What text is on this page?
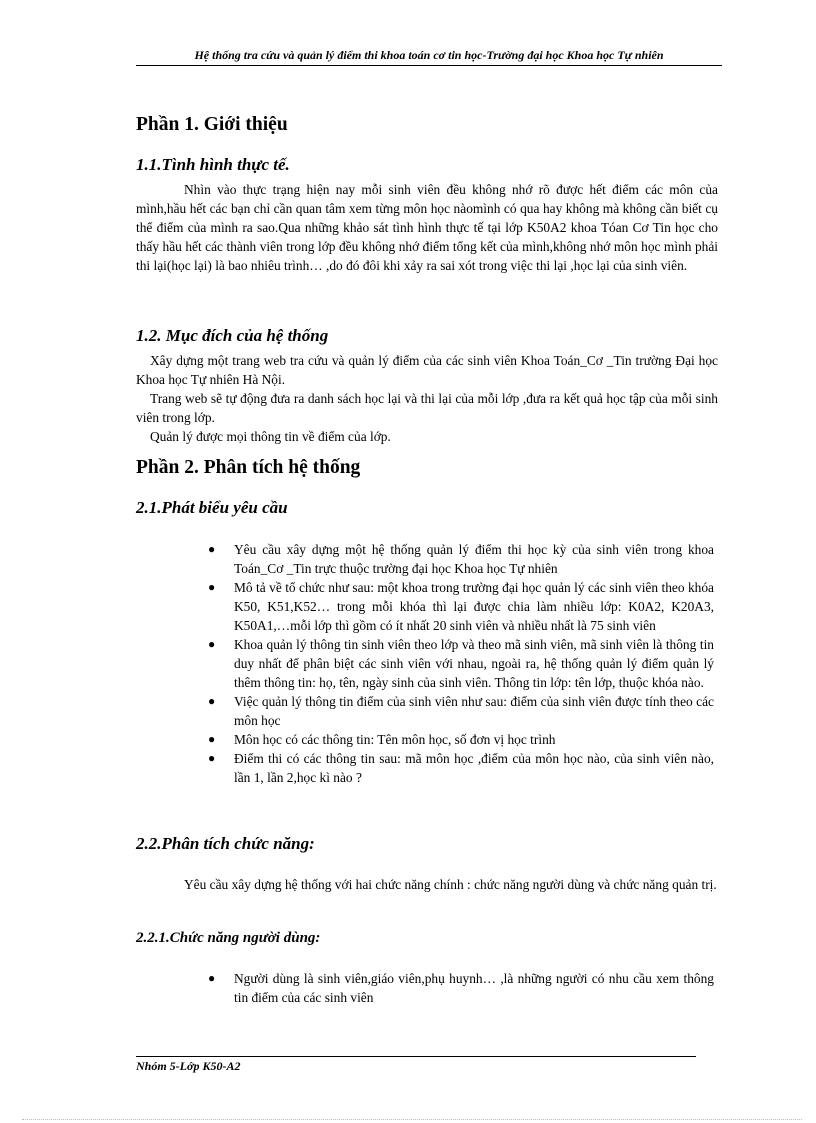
Hệ thống tra cứu và quản lý điểm thi khoa toán cơ tin học-Trường đại học Khoa học Tự nhiên
Phần 1. Giới thiệu
1.1.Tình hình thực tế.

Nhìn vào thực trạng hiện nay mỗi sinh viên đều không nhớ rõ được hết điểm các môn của mình,hầu hết các bạn chỉ cần quan tâm xem từng môn học nàomình có qua hay không mà không cần biết cụ thể điểm của mình ra sao.Qua những khảo sát tình hình thực tế tại lớp K50A2 khoa Tóan Cơ Tin học cho thấy hầu hết các thành viên trong lớp đều không nhớ điểm tổng kết của mình,không nhớ môn học mình phải thi lại(học lại) là bao nhiêu trình… ,do đó đôi khi xảy ra sai xót trong việc thi lại ,học lại của sinh viên.

1.2. Mục đích của hệ thống

Xây dựng một trang web tra cứu và quản lý điểm của các sinh viên Khoa Toán_Cơ _Tin trường Đại học Khoa học Tự nhiên Hà Nội.

Trang web sẽ tự động đưa ra danh sách học lại và thi lại của mỗi lớp ,đưa ra kết quả học tập của mỗi sinh viên trong lớp.

Quản lý được mọi thông tin về điểm của lớp.

Phần 2. Phân tích hệ thống
2.1.Phát biểu yêu cầu
● Yêu cầu xây dựng một hệ thống quản lý điểm thi học kỳ của sinh viên trong khoa Toán_Cơ _Tin trực thuộc trường đại học Khoa học Tự nhiên
● Mô tả về tổ chức như sau: một khoa trong trường đại học quản lý các sinh viên theo khóa K50, K51,K52… trong mỗi khóa thì lại được chia làm nhiều lớp: K0A2, K20A3, K50A1,…mỗi lớp thì gồm có ít nhất 20 sinh viên và nhiều nhất là 75 sinh viên
● Khoa quản lý thông tin sinh viên theo lớp và theo mã sinh viên, mã sinh viên là thông tin duy nhất để phân biệt các sinh viên với nhau, ngoài ra, hệ thống quản lý điểm quản lý thêm thông tin: họ, tên, ngày sinh của sinh viên. Thông tin lớp: tên lớp, thuộc khóa nào.
● Việc quản lý thông tin điểm của sinh viên như sau: điểm của sinh viên được tính theo các môn học
● Môn học có các thông tin: Tên môn học, số đơn vị học trình
● Điểm thi có các thông tin sau: mã môn học ,điểm của môn học nào, của sinh viên nào, lần 1, lần 2,học kì nào ?
2.2.Phân tích chức năng:

Yêu cầu xây dựng hệ thống với hai chức năng chính : chức năng người dùng và chức năng quản trị.

2.2.1.Chức năng người dùng:
● Người dùng là sinh viên,giáo viên,phụ huynh… ,là những người có nhu cầu xem thông tin điểm của các sinh viên
Nhóm 5-Lớp K50-A2
